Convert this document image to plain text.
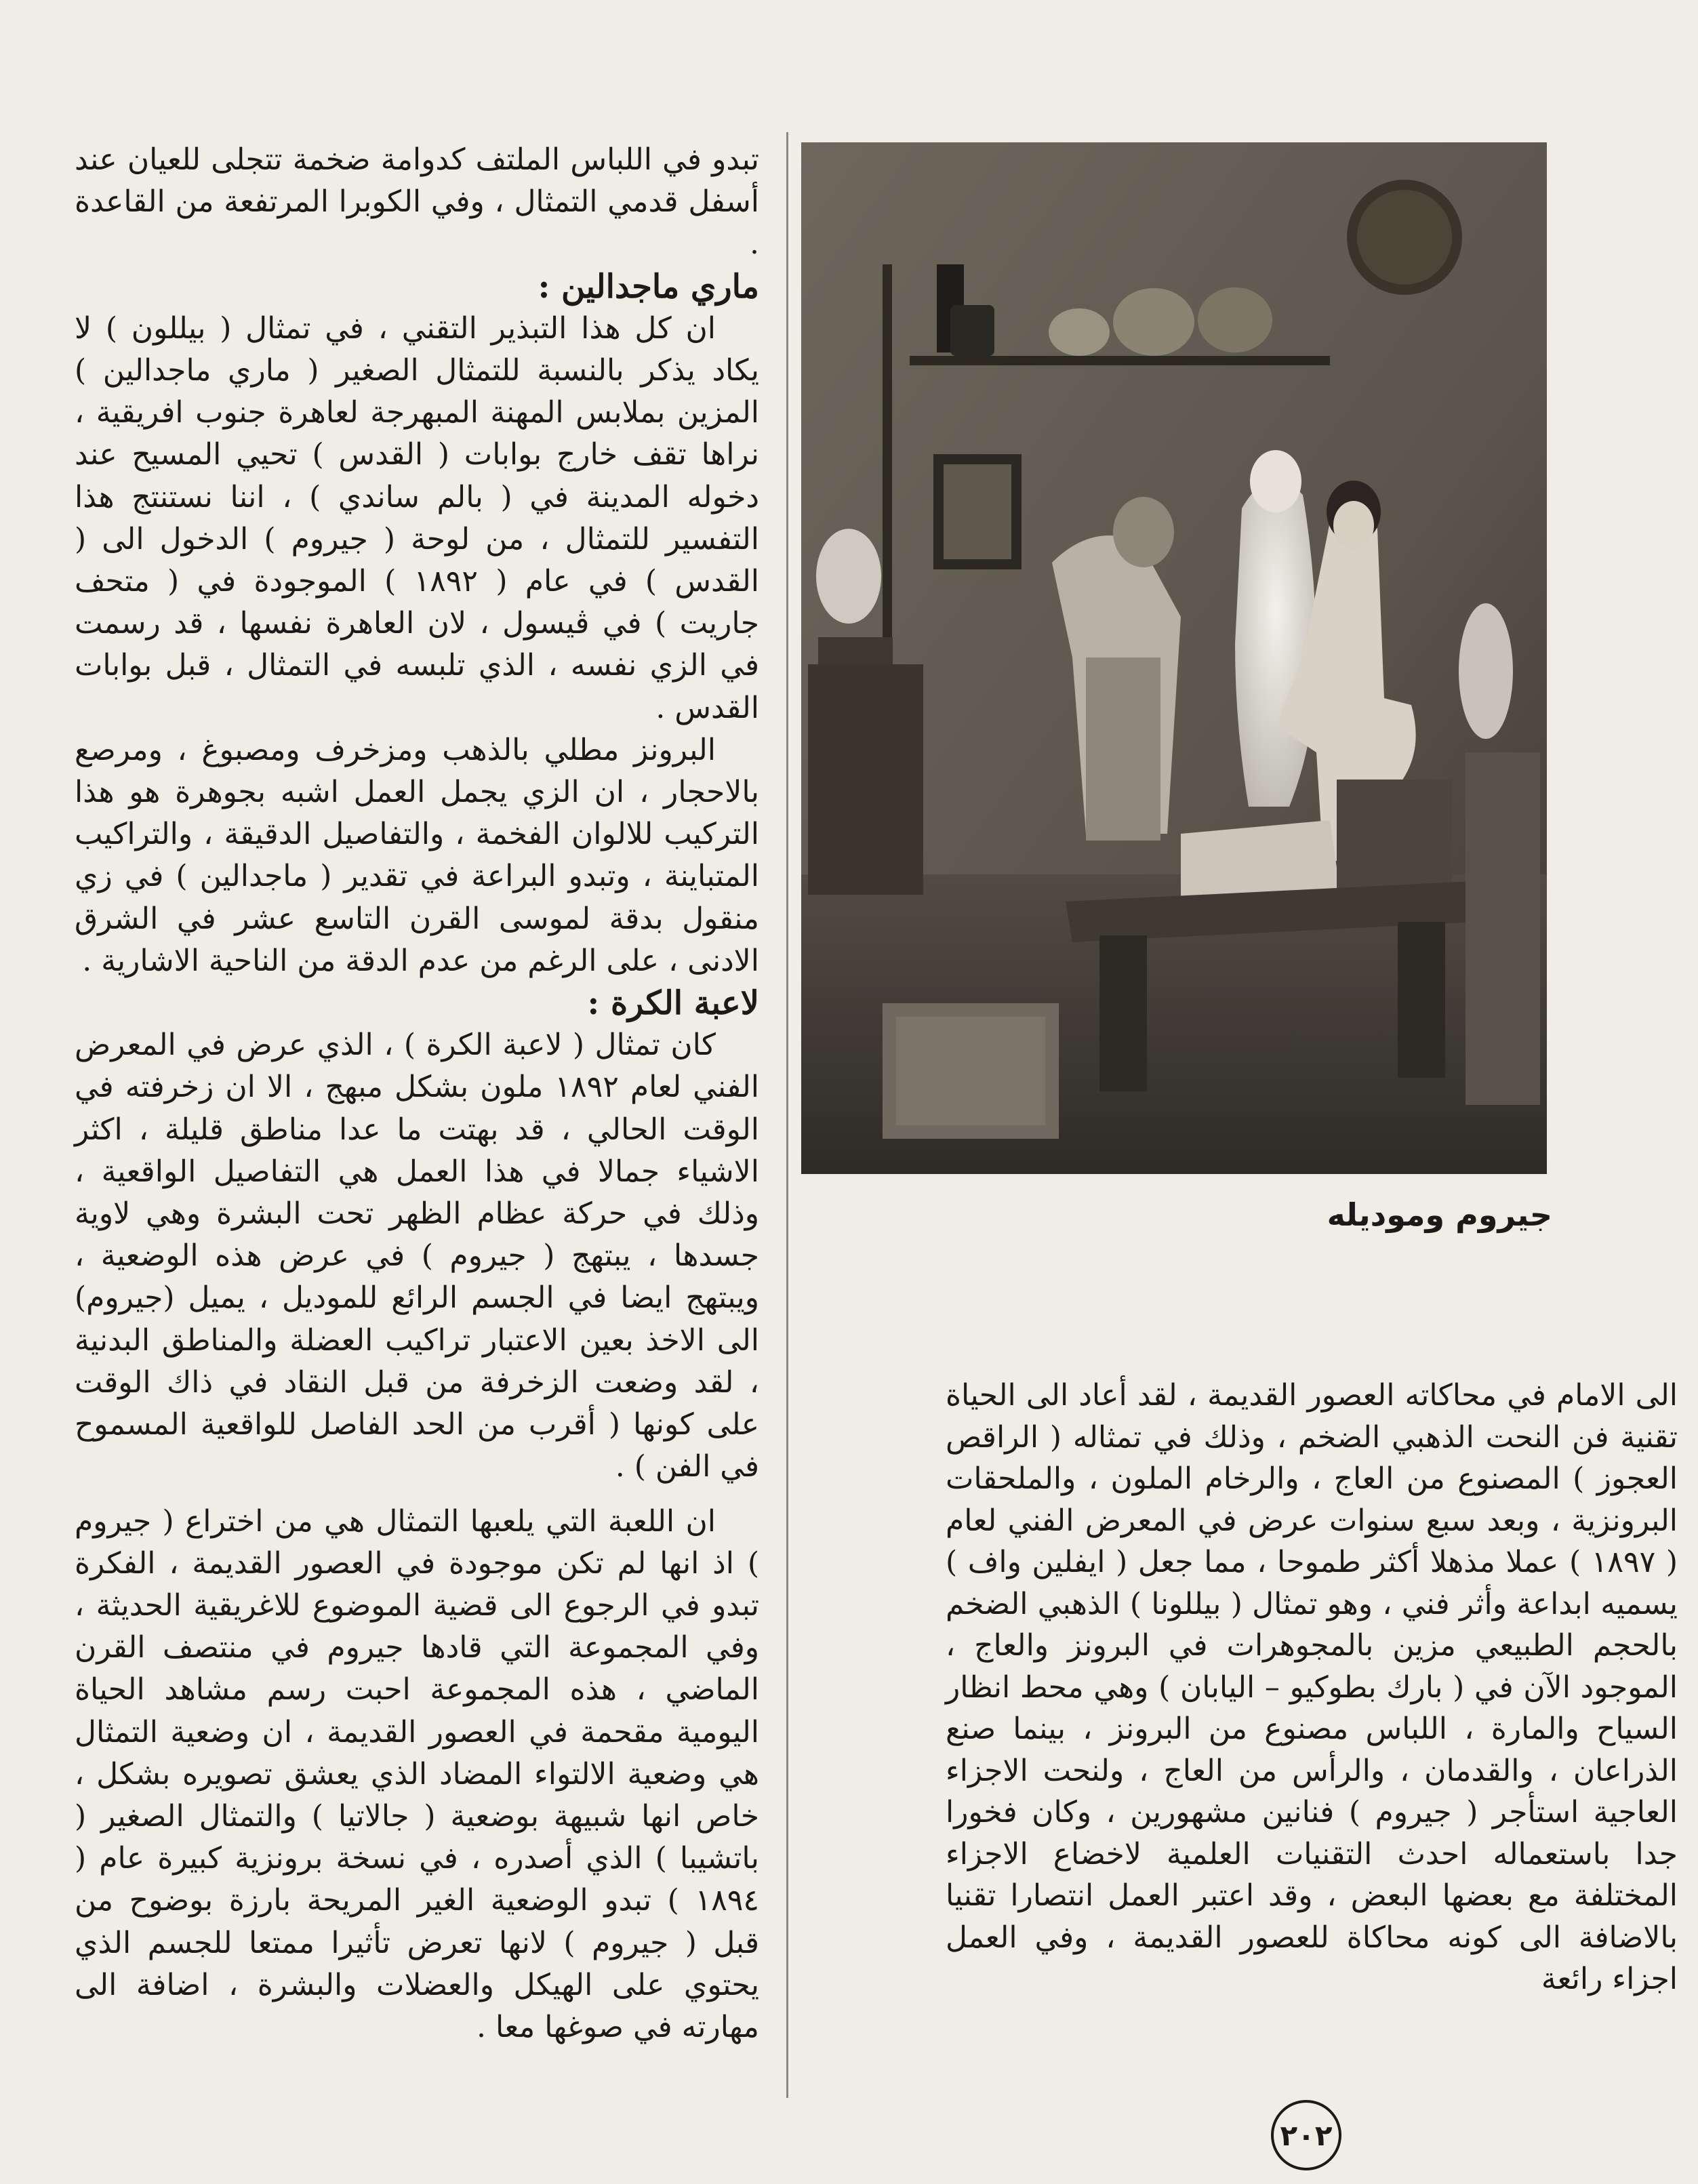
تبدو في اللباس الملتف كدوامة ضخمة تتجلى للعيان عند أسفل قدمي التمثال ، وفي الكوبرا المرتفعة من القاعدة .

ماري ماجدالين :

ان كل هذا التبذير التقني ، في تمثال ( بيللون ) لا يكاد يذكر بالنسبة للتمثال الصغير ( ماري ماجدالين ) المزين بملابس المهنة المبهرجة لعاهرة جنوب افريقية ، نراها تقف خارج بوابات ( القدس ) تحيي المسيح عند دخوله المدينة في ( بالم ساندي ) ، اننا نستنتج هذا التفسير للتمثال ، من لوحة ( جيروم ) الدخول الى ( القدس ) في عام ( ١٨٩٢ ) الموجودة في ( متحف جاريت ) في ڤيسول ، لان العاهرة نفسها ، قد رسمت في الزي نفسه ، الذي تلبسه في التمثال ، قبل بوابات القدس .

البرونز مطلي بالذهب ومزخرف ومصبوغ ، ومرصع بالاحجار ، ان الزي يجمل العمل اشبه بجوهرة هو هذا التركيب للالوان الفخمة ، والتفاصيل الدقيقة ، والتراكيب المتباينة ، وتبدو البراعة في تقدير ( ماجدالين ) في زي منقول بدقة لموسى القرن التاسع عشر في الشرق الادنى ، على الرغم من عدم الدقة من الناحية الاشارية .

لاعبة الكرة :

كان تمثال ( لاعبة الكرة ) ، الذي عرض في المعرض الفني لعام ١٨٩٢ ملون بشكل مبهج ، الا ان زخرفته في الوقت الحالي ، قد بهتت ما عدا مناطق قليلة ، اكثر الاشياء جمالا في هذا العمل هي التفاصيل الواقعية ، وذلك في حركة عظام الظهر تحت البشرة وهي لاوية جسدها ، يبتهج ( جيروم ) في عرض هذه الوضعية ، ويبتهج ايضا في الجسم الرائع للموديل ، يميل (جيروم) الى الاخذ بعين الاعتبار تراكيب العضلة والمناطق البدنية ، لقد وضعت الزخرفة من قبل النقاد في ذاك الوقت على كونها ( أقرب من الحد الفاصل للواقعية المسموح في الفن ) .

ان اللعبة التي يلعبها التمثال هي من اختراع ( جيروم ) اذ انها لم تكن موجودة في العصور القديمة ، الفكرة تبدو في الرجوع الى قضية الموضوع للاغريقية الحديثة ، وفي المجموعة التي قادها جيروم في منتصف القرن الماضي ، هذه المجموعة احبت رسم مشاهد الحياة اليومية مقحمة في العصور القديمة ، ان وضعية التمثال هي وضعية الالتواء المضاد الذي يعشق تصويره بشكل ، خاص انها شبيهة بوضعية ( جالاتيا ) والتمثال الصغير ( باتشيبا ) الذي أصدره ، في نسخة برونزية كبيرة عام ( ١٨٩٤ ) تبدو الوضعية الغير المريحة بارزة بوضوح من قبل ( جيروم ) لانها تعرض تأثيرا ممتعا للجسم الذي يحتوي على الهيكل والعضلات والبشرة ، اضافة الى مهارته في صوغها معا .

جيروم وموديله

الى الامام في محاكاته العصور القديمة ، لقد أعاد الى الحياة تقنية فن النحت الذهبي الضخم ، وذلك في تمثاله ( الراقص العجوز ) المصنوع من العاج ، والرخام الملون ، والملحقات البرونزية ، وبعد سبع سنوات عرض في المعرض الفني لعام ( ١٨٩٧ ) عملا مذهلا أكثر طموحا ، مما جعل ( ايفلين واف ) يسميه ابداعة وأثر فني ، وهو تمثال ( بيللونا ) الذهبي الضخم بالحجم الطبيعي مزين بالمجوهرات في البرونز والعاج ، الموجود الآن في ( بارك بطوكيو – اليابان ) وهي محط انظار السياح والمارة ، اللباس مصنوع من البرونز ، بينما صنع الذراعان ، والقدمان ، والرأس من العاج ، ولنحت الاجزاء العاجية استأجر ( جيروم ) فنانين مشهورين ، وكان فخورا جدا باستعماله احدث التقنيات العلمية لاخضاع الاجزاء المختلفة مع بعضها البعض ، وقد اعتبر العمل انتصارا تقنيا بالاضافة الى كونه محاكاة للعصور القديمة ، وفي العمل اجزاء رائعة

٢٠٢
